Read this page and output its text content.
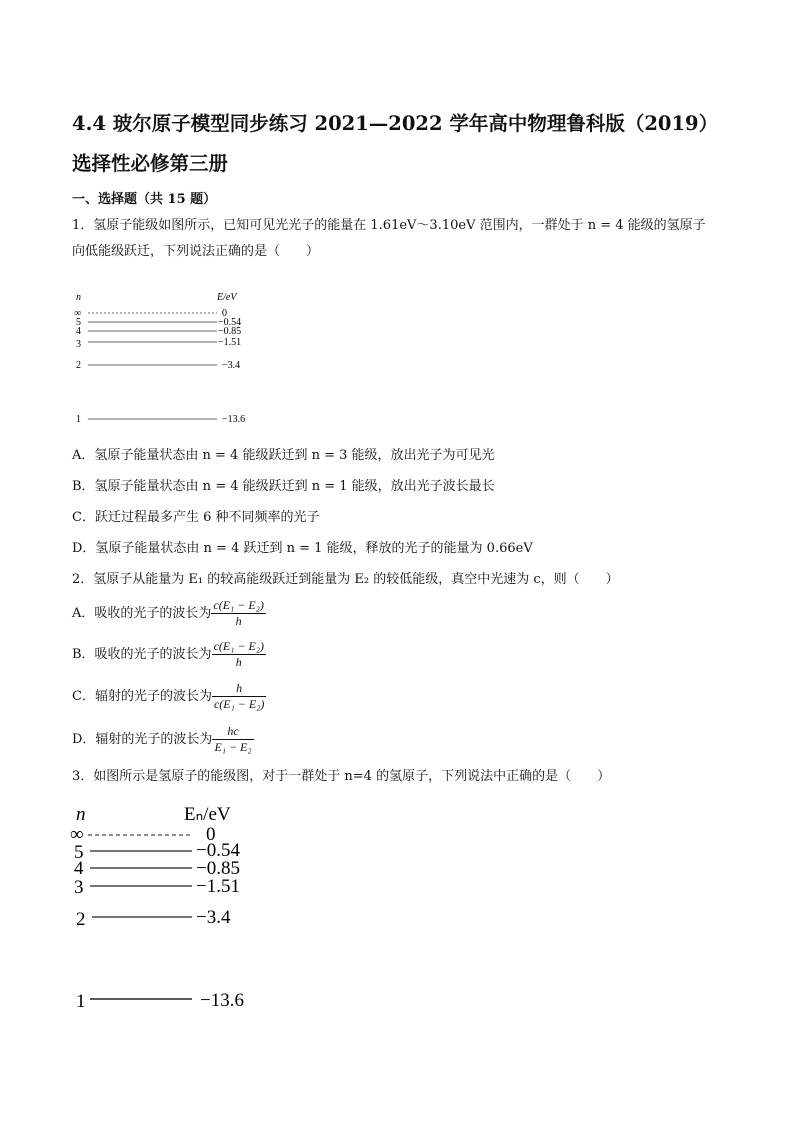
4.4 玻尔原子模型同步练习 2021—2022 学年高中物理鲁科版（2019）
选择性必修第三册
一、选择题（共 15 题）
1．氢原子能级如图所示，已知可见光光子的能量在 1.61eV～3.10eV 范围内，一群处于 n = 4 能级的氢原子
向低能级跃迁，下列说法正确的是（　　）
n	E/eV
∞	0
5	−0.54
4	−0.85
3	−1.51
2	−3.4
1	−13.6
A．氢原子能量状态由 n = 4 能级跃迁到 n = 3 能级，放出光子为可见光
B．氢原子能量状态由 n = 4 能级跃迁到 n = 1 能级，放出光子波长最长
C．跃迁过程最多产生 6 种不同频率的光子
D．氢原子能量状态由 n = 4 跃迁到 n = 1 能级，释放的光子的能量为 0.66eV
2．氢原子从能量为 E₁ 的较高能级跃迁到能量为 E₂ 的较低能级，真空中光速为 c，则（　　）
A．吸收的光子的波长为 $\frac{\text{c(E₁ − E₂)}}{h}$
B．吸收的光子的波长为 $\frac{\text{c(E₁ − E₂)}}{h}$
C．辐射的光子的波长为 $\frac{h}{\text{c(E₁ − E₂)}}$
D．辐射的光子的波长为 $\frac{hc}{\text{E₁ − E₂}}$
3．如图所示是氢原子的能级图，对于一群处于 n=4 的氢原子，下列说法中正确的是（　　）
n	Eₙ/eV
∞	0
5	−0.54
4	−0.85
3	−1.51
2	−3.4
1	−13.6
